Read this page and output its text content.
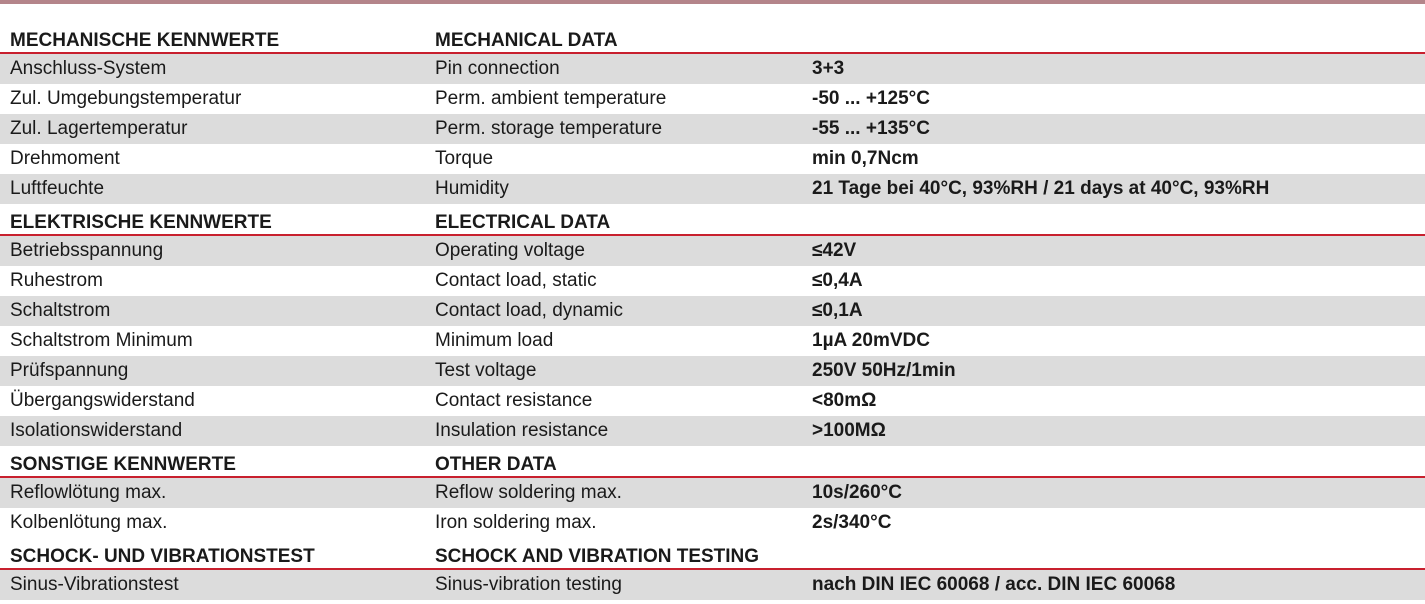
MECHANISCHE KENNWERTE	MECHANICAL DATA
Anschluss-System	Pin connection	3+3
Zul. Umgebungstemperatur	Perm. ambient temperature	-50 ... +125°C
Zul. Lagertemperatur	Perm. storage temperature	-55 ... +135°C
Drehmoment	Torque	min 0,7Ncm
Luftfeuchte	Humidity	21 Tage bei 40°C, 93%RH / 21 days at 40°C, 93%RH
ELEKTRISCHE KENNWERTE	ELECTRICAL DATA
Betriebsspannung	Operating voltage	≤42V
Ruhestrom	Contact load, static	≤0,4A
Schaltstrom	Contact load, dynamic	≤0,1A
Schaltstrom Minimum	Minimum load	1µA 20mVDC
Prüfspannung	Test voltage	250V 50Hz/1min
Übergangswiderstand	Contact resistance	<80mΩ
Isolationswiderstand	Insulation resistance	>100MΩ
SONSTIGE KENNWERTE	OTHER DATA
Reflowlötung max.	Reflow soldering max.	10s/260°C
Kolbenlötung max.	Iron soldering max.	2s/340°C
SCHOCK- UND VIBRATIONSTEST	SCHOCK AND VIBRATION TESTING
Sinus-Vibrationstest	Sinus-vibration testing	nach DIN IEC 60068 / acc. DIN IEC 60068
